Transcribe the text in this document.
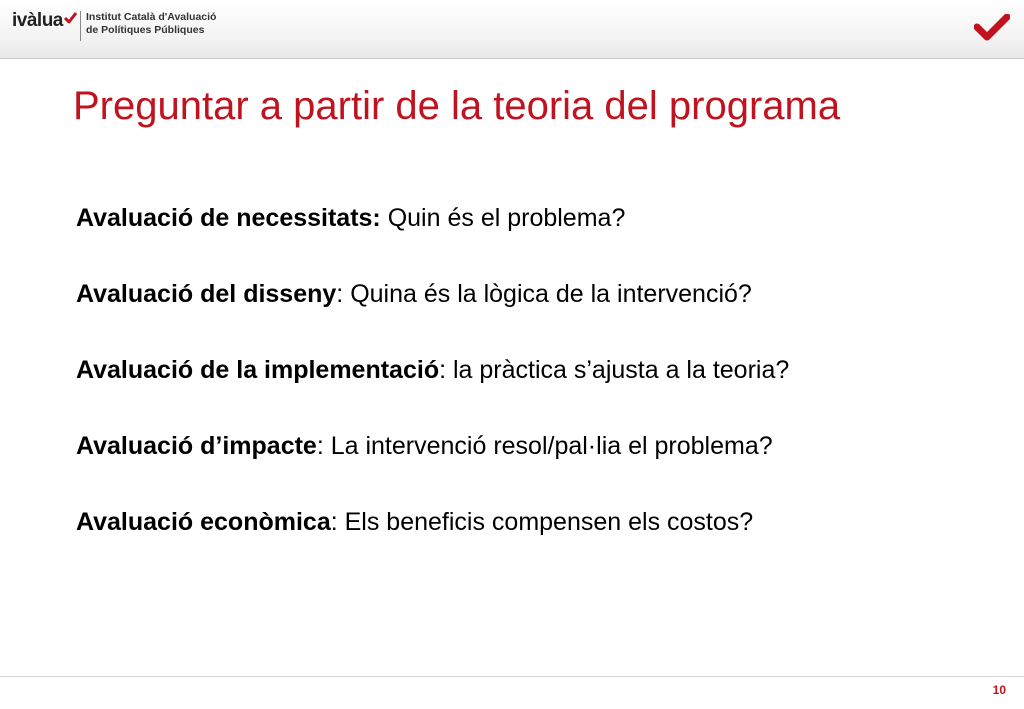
ivàlua Institut Català d'Avaluació
de Polítiques Públiques
Preguntar a partir de la teoria del programa
Avaluació de necessitats: Quin és el problema?
Avaluació del disseny: Quina és la lògica de la intervenció?
Avaluació de la implementació: la pràctica s’ajusta a la teoria?
Avaluació d’impacte: La intervenció resol/pal·lia el problema?
Avaluació econòmica: Els beneficis compensen els costos?
10
